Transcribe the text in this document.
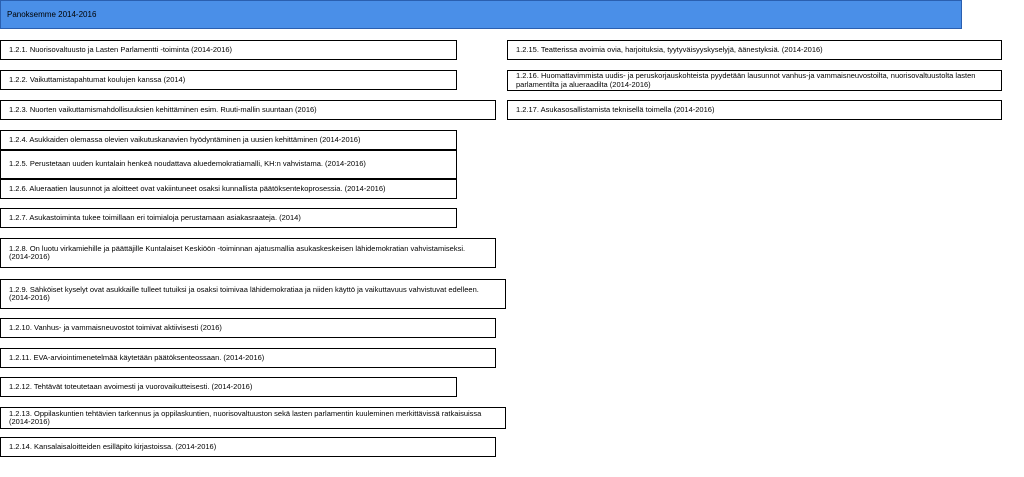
Panoksemme 2014-2016
1.2.1. Nuorisovaltuusto ja Lasten Parlamentti -toiminta (2014-2016)
1.2.2. Vaikuttamistapahtumat koulujen kanssa (2014)
1.2.3. Nuorten vaikuttamismahdollisuuksien kehittäminen esim. Ruuti-mallin suuntaan (2016)
1.2.4. Asukkaiden olemassa olevien vaikutuskanavien hyödyntäminen ja uusien kehittäminen (2014-2016)
1.2.5. Perustetaan uuden kuntalain henkeä noudattava aluedemokratiamalli, KH:n vahvistama. (2014-2016)
1.2.6. Alueraatien lausunnot ja aloitteet ovat vakiintuneet osaksi kunnallista päätöksentekoprosessia. (2014-2016)
1.2.7. Asukastoiminta tukee toimillaan eri toimialoja perustamaan asiakasraateja. (2014)
1.2.8. On luotu virkamiehille ja päättäjille Kuntalaiset Keskiöön -toiminnan ajatusmallia asukaskeskeisen lähidemokratian vahvistamiseksi. (2014-2016)
1.2.9. Sähköiset kyselyt ovat asukkaille tulleet tutuiksi ja osaksi toimivaa lähidemokratiaa ja niiden käyttö ja vaikuttavuus vahvistuvat edelleen. (2014-2016)
1.2.10. Vanhus- ja vammaisneuvostot toimivat aktiivisesti (2016)
1.2.11. EVA-arviointimenetelmää käytetään päätöksenteossaan. (2014-2016)
1.2.12. Tehtävät toteutetaan avoimesti ja vuorovaikutteisesti. (2014-2016)
1.2.13. Oppilaskuntien tehtävien tarkennus ja oppilaskuntien, nuorisovaltuuston sekä lasten parlamentin kuuleminen merkittävissä ratkaisuissa (2014-2016)
1.2.14. Kansalaisaloitteiden esilläpito kirjastoissa. (2014-2016)
1.2.15. Teatterissa avoimia ovia, harjoituksia, tyytyväisyyskyselyjä, äänestyksiä. (2014-2016)
1.2.16. Huomattavimmista uudis- ja peruskorjauskohteista pyydetään lausunnot vanhus-ja vammaisneuvostoilta, nuorisovaltuustolta lasten parlamentilta ja alueraadilta (2014-2016)
1.2.17. Asukasosallistamista teknisellä toimella (2014-2016)
